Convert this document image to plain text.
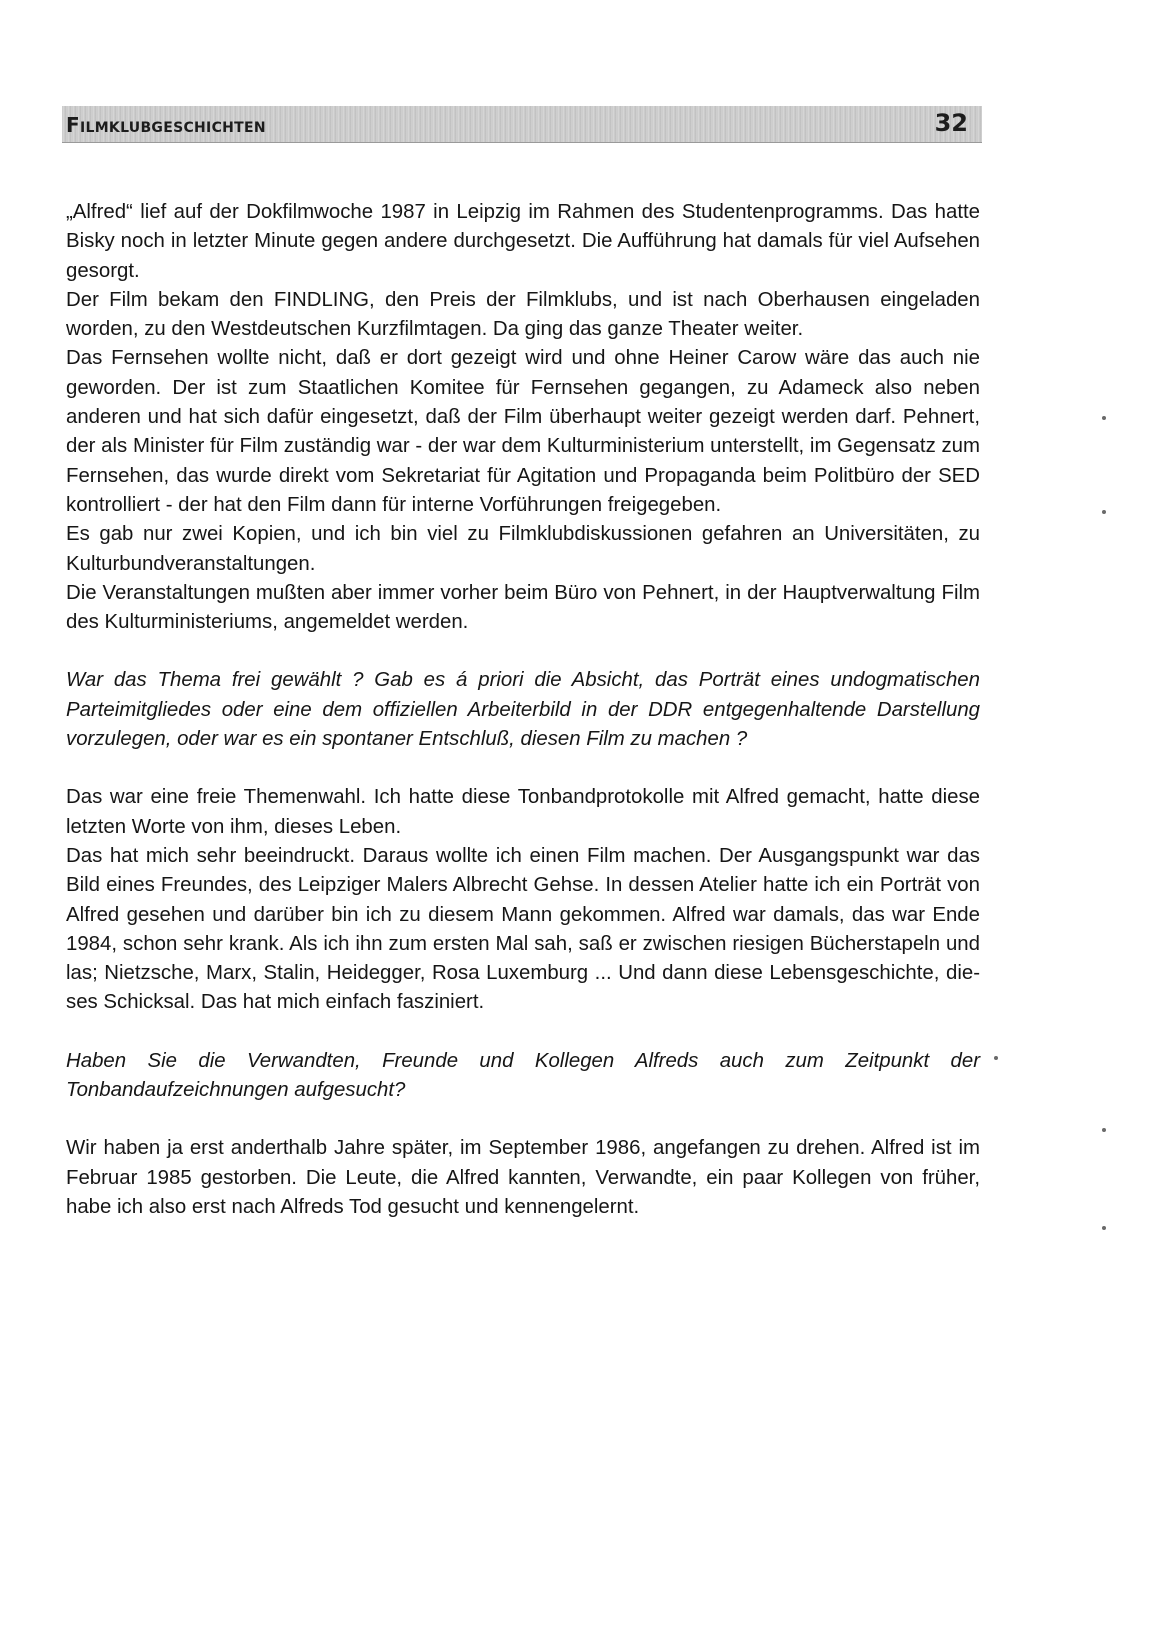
Filmklubgeschichten	32

„Alfred“ lief auf der Dokfilmwoche 1987 in Leipzig im Rahmen des Studentenprogramms. Das hatte Bisky noch in letzter Minute gegen andere durchgesetzt. Die Aufführung hat damals für viel Aufsehen gesorgt.

Der Film bekam den FINDLING, den Preis der Filmklubs, und ist nach Oberhausen eingeladen worden, zu den Westdeutschen Kurzfilmtagen. Da ging das ganze Theater weiter.

Das Fernsehen wollte nicht, daß er dort gezeigt wird und ohne Heiner Carow wäre das auch nie geworden. Der ist zum Staatlichen Komitee für Fernsehen gegangen, zu Adameck also neben anderen und hat sich dafür eingesetzt, daß der Film überhaupt weiter gezeigt werden darf. Pehnert, der als Minister für Film zuständig war - der war dem Kulturministerium unterstellt, im Gegensatz zum Fernsehen, das wurde direkt vom Sekretariat für Agitation und Propaganda beim Politbüro der SED kontrolliert - der hat den Film dann für interne Vorführungen freigegeben.

Es gab nur zwei Kopien, und ich bin viel zu Filmklubdiskussionen gefahren an Universitäten, zu Kulturbundveranstaltungen.

Die Veranstaltungen mußten aber immer vorher beim Büro von Pehnert, in der Hauptverwaltung Film des Kulturministeriums, angemeldet werden.

War das Thema frei gewählt ? Gab es á priori die Absicht, das Porträt eines undogmatischen Parteimitgliedes oder eine dem offiziellen Arbeiterbild in der DDR entgegenhaltende Darstellung vorzulegen, oder war es ein spontaner Entschluß, diesen Film zu machen ?

Das war eine freie Themenwahl. Ich hatte diese Tonbandprotokolle mit Alfred gemacht, hatte diese letzten Worte von ihm, dieses Leben.

Das hat mich sehr beeindruckt. Daraus wollte ich einen Film machen. Der Ausgangspunkt war das Bild eines Freundes, des Leipziger Malers Albrecht Gehse. In dessen Atelier hatte ich ein Porträt von Alfred gesehen und darüber bin ich zu diesem Mann gekommen. Alfred war damals, das war Ende 1984, schon sehr krank. Als ich ihn zum ersten Mal sah, saß er zwischen riesigen Bücherstapeln und las; Nietzsche, Marx, Stalin, Heidegger, Rosa Luxemburg ... Und dann diese Lebensgeschichte, dieses Schicksal. Das hat mich einfach fasziniert.

Haben Sie die Verwandten, Freunde und Kollegen Alfreds auch zum Zeitpunkt der Tonbandaufzeichnungen aufgesucht?

Wir haben ja erst anderthalb Jahre später, im September 1986, angefangen zu drehen. Alfred ist im Februar 1985 gestorben. Die Leute, die Alfred kannten, Verwandte, ein paar Kollegen von früher, habe ich also erst nach Alfreds Tod gesucht und kennengelernt.
